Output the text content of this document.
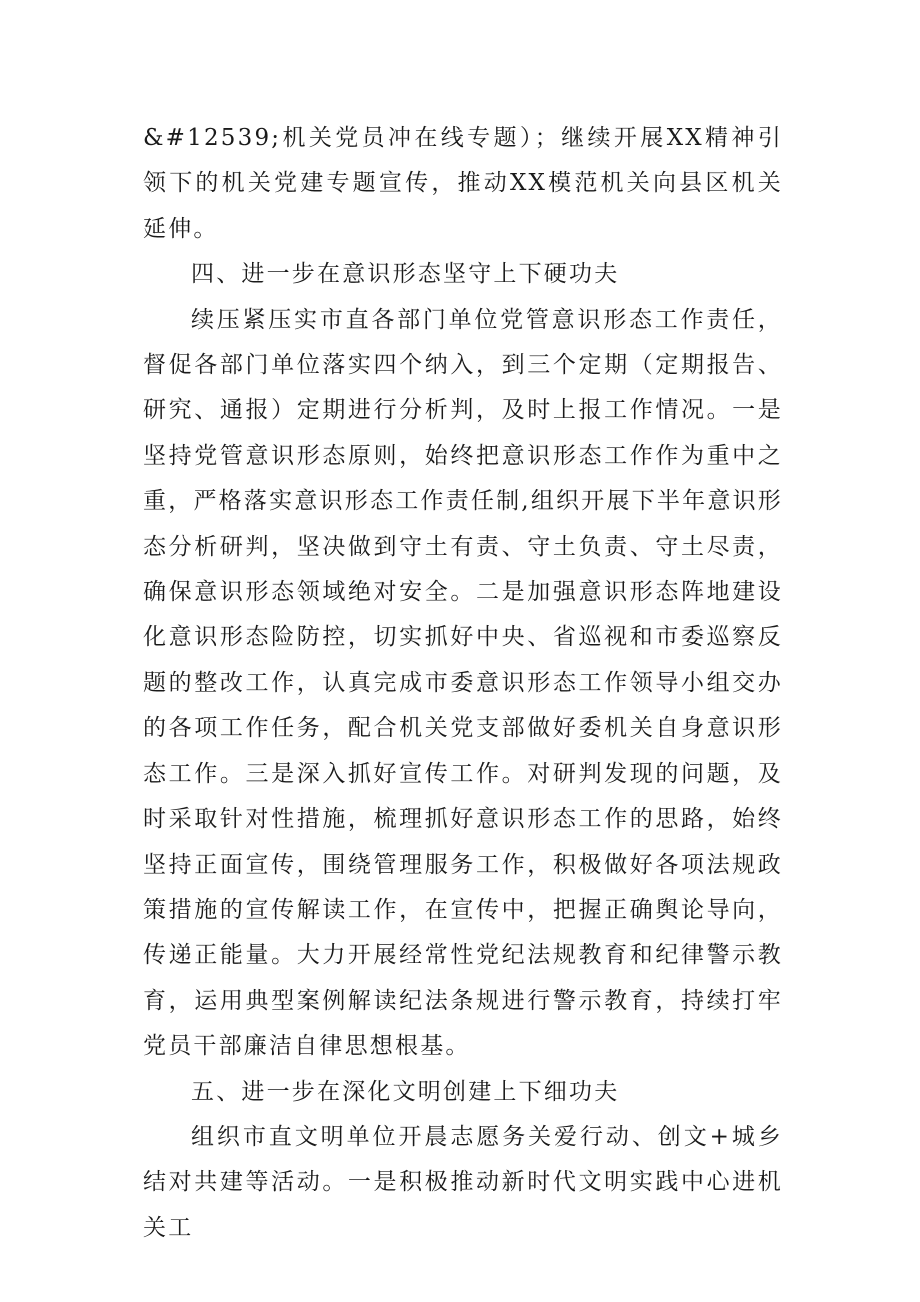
&#12539;机关党员冲在线专题）；继续开展XX精神引领下的机关党建专题宣传，推动XX模范机关向县区机关延伸。

四、进一步在意识形态坚守上下硬功夫

续压紧压实市直各部门单位党管意识形态工作责任，督促各部门单位落实四个纳入，到三个定期（定期报告、研究、通报）定期进行分析判，及时上报工作情况。一是坚持党管意识形态原则，始终把意识形态工作作为重中之重，严格落实意识形态工作责任制,组织开展下半年意识形态分析研判，坚决做到守土有责、守土负责、守土尽责，确保意识形态领域绝对安全。二是加强意识形态阵地建设化意识形态险防控，切实抓好中央、省巡视和市委巡察反题的整改工作，认真完成市委意识形态工作领导小组交办的各项工作任务，配合机关党支部做好委机关自身意识形态工作。三是深入抓好宣传工作。对研判发现的问题，及时采取针对性措施，梳理抓好意识形态工作的思路，始终坚持正面宣传，围绕管理服务工作，积极做好各项法规政策措施的宣传解读工作，在宣传中，把握正确舆论导向，传递正能量。大力开展经常性党纪法规教育和纪律警示教育，运用典型案例解读纪法条规进行警示教育，持续打牢党员干部廉洁自律思想根基。

五、进一步在深化文明创建上下细功夫

组织市直文明单位开晨志愿务关爱行动、创文+城乡结对共建等活动。一是积极推动新时代文明实践中心进机关工
